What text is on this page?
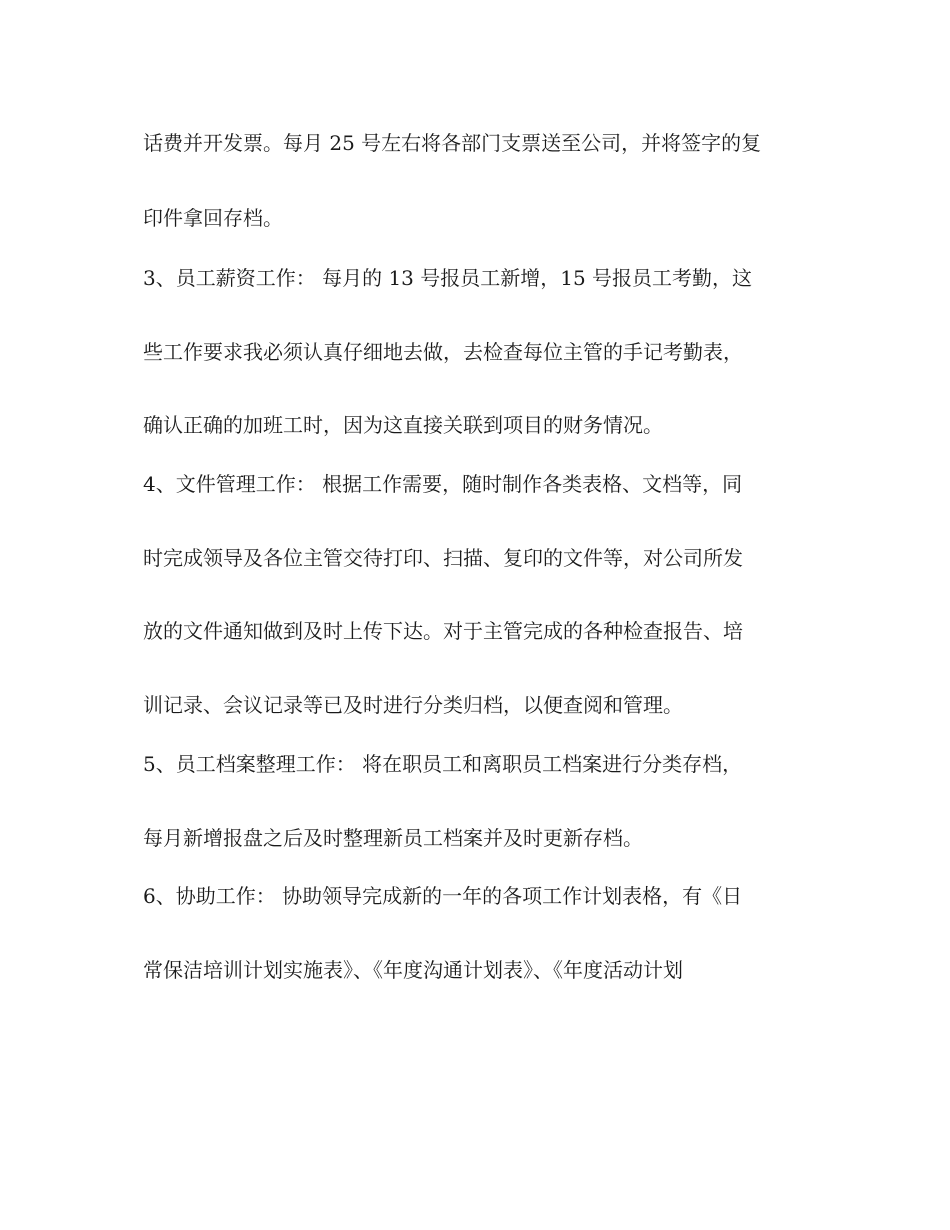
话费并开发票。每月 25 号左右将各部门支票送至公司，并将签字的复

印件拿回存档。

3、员工薪资工作： 每月的 13 号报员工新增，15 号报员工考勤，这

些工作要求我必须认真仔细地去做，去检查每位主管的手记考勤表，

确认正确的加班工时，因为这直接关联到项目的财务情况。

4、文件管理工作： 根据工作需要，随时制作各类表格、文档等，同

时完成领导及各位主管交待打印、扫描、复印的文件等，对公司所发

放的文件通知做到及时上传下达。对于主管完成的各种检查报告、培

训记录、会议记录等已及时进行分类归档，以便查阅和管理。

5、员工档案整理工作： 将在职员工和离职员工档案进行分类存档，

每月新增报盘之后及时整理新员工档案并及时更新存档。

6、协助工作： 协助领导完成新的一年的各项工作计划表格，有《日

常保洁培训计划实施表》、《年度沟通计划表》、《年度活动计划
